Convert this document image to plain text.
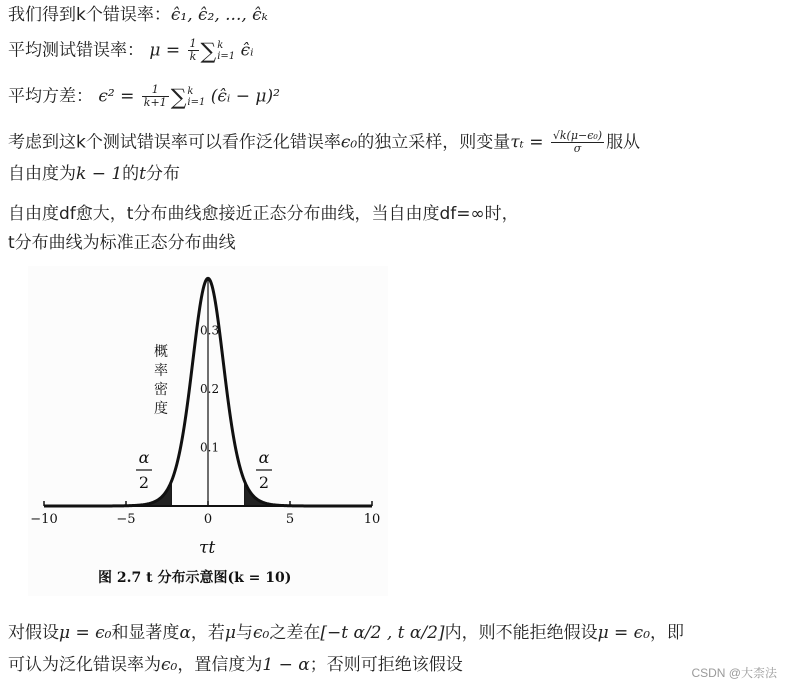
我们得到k个错误率：ϵ̂₁, ϵ̂₂, ..., ϵ̂ₖ
平均测试错误率： $\mu = \frac{1}{k}$ ∑ k
i=1 ϵ̂ᵢ
平均方差： $\epsilon^2 = \frac{1}{k+1}$ ∑ k
i=1 (ϵ̂ᵢ − μ)²
考虑到这k个测试错误率可以看作泛化错误率ϵ₀的独立采样，则变量$\tau_t = \frac{\text{√k(μ−ϵ₀)}}{\sigma}$ 服从
自由度为k − 1的t分布
自由度df愈大，t分布曲线愈接近正态分布曲线，当自由度df=∞时，
t分布曲线为标准正态分布曲线
−10	−5	0	5	10
0.1
0.2
0.3
概率密度
τt
α
2
α
2
图 2.7 t 分布示意图(k = 10)
对假设μ = ϵ₀和显著度α，若μ与ϵ₀之差在[−t α/2 , t α/2]内，则不能拒绝假设μ = ϵ₀，即
可认为泛化错误率为ϵ₀，置信度为1 − α；否则可拒绝该假设	CSDN @大柰法
